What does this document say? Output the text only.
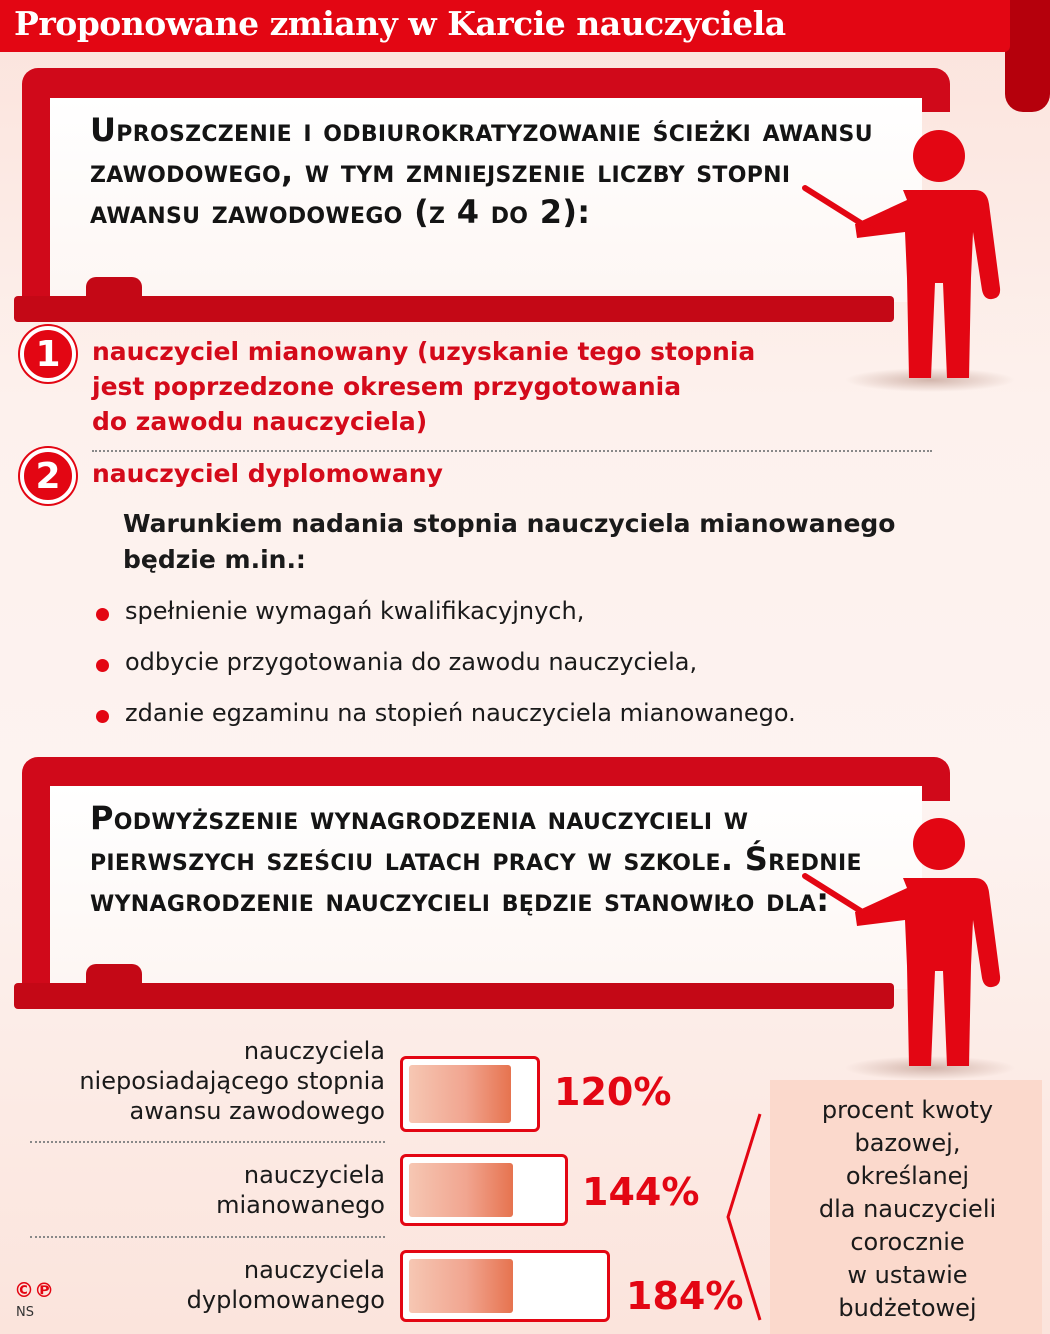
Proponowane zmiany w Karcie nauczyciela
Uproszczenie i odbiurokratyzowanie ścieżki awansu zawodowego, w tym zmniejszenie liczby stopni awansu zawodowego (z 4 do 2):
1 nauczyciel mianowany (uzyskanie tego stopnia
jest poprzedzone okresem przygotowania
do zawodu nauczyciela)
2 nauczyciel dyplomowany
Warunkiem nadania stopnia nauczyciela mianowanego będzie m.in.:
spełnienie wymagań kwalifikacyjnych,
odbycie przygotowania do zawodu nauczyciela,
zdanie egzaminu na stopień nauczyciela mianowanego.
Podwyższenie wynagrodzenia nauczycieli w pierwszych sześciu latach pracy w szkole. Średnie wynagrodzenie nauczycieli będzie stanowiło dla:
procent kwoty
bazowej,
określanej
dla nauczycieli
corocznie
w ustawie
budżetowej
nauczyciela
nieposiadającego stopnia
awansu zawodowego	120%
nauczyciela
mianowanego	144%
nauczyciela
dyplomowanego	184%
©℗
NS
